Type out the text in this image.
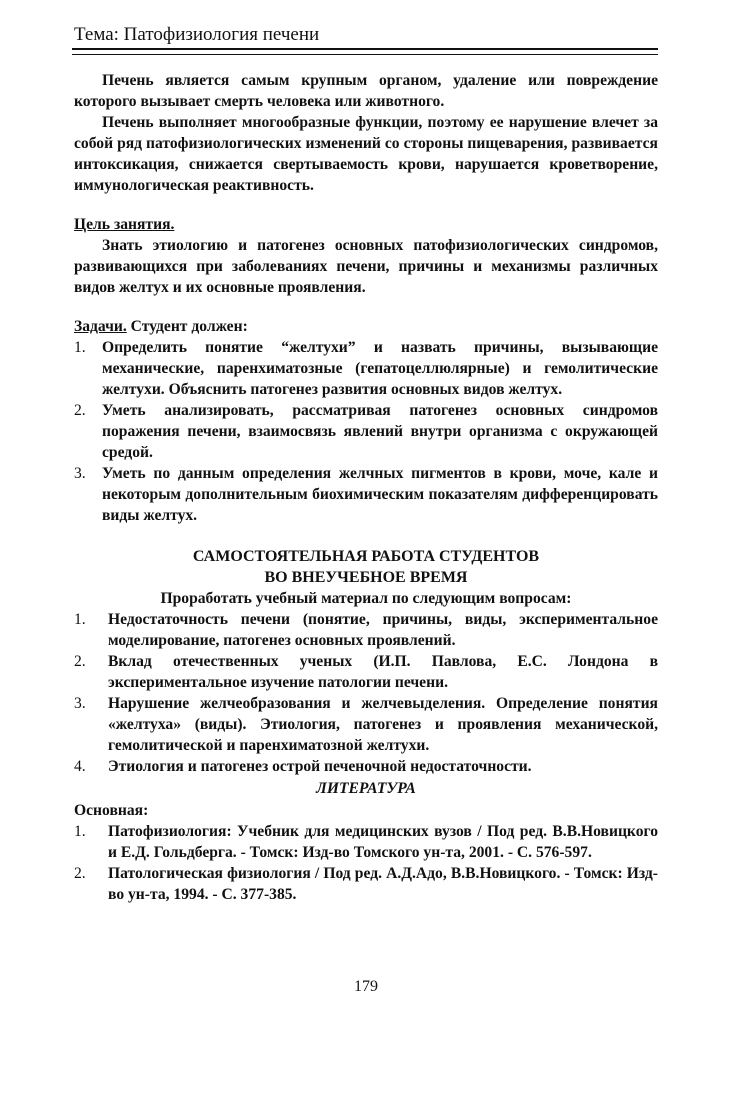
Тема: Патофизиология печени

Печень является самым крупным органом, удаление или повреждение которого вызывает смерть человека или животного.

Печень выполняет многообразные функции, поэтому ее нарушение влечет за собой ряд патофизиологических изменений со стороны пищеварения, развивается интоксикация, снижается свертываемость крови, нарушается кроветворение, иммунологическая реактивность.

Цель занятия.

Знать этиологию и патогенез основных патофизиологических синдромов, развивающихся при заболеваниях печени, причины и механизмы различных видов желтух и их основные проявления.

Задачи. Студент должен:

1. Определить понятие “желтухи” и назвать причины, вызывающие механические, паренхиматозные (гепатоцеллюлярные) и гемолитические желтухи. Объяснить патогенез развития основных видов желтух.
2. Уметь анализировать, рассматривая патогенез основных синдромов поражения печени, взаимосвязь явлений внутри организма с окружающей средой.
3. Уметь по данным определения желчных пигментов в крови, моче, кале и некоторым дополнительным биохимическим показателям дифференцировать виды желтух.

САМОСТОЯТЕЛЬНАЯ РАБОТА СТУДЕНТОВ

ВО ВНЕУЧЕБНОЕ ВРЕМЯ

Проработать учебный материал по следующим вопросам:

1. Недостаточность печени (понятие, причины, виды, экспериментальное моделирование, патогенез основных проявлений.
2. Вклад отечественных ученых (И.П. Павлова, Е.С. Лондона в экспериментальное изучение патологии печени.
3. Нарушение желчеобразования и желчевыделения. Определение понятия «желтуха» (виды). Этиология, патогенез и проявления механической, гемолитической и паренхиматозной желтухи.
4. Этиология и патогенез острой печеночной недостаточности.

ЛИТЕРАТУРА

Основная:

1. Патофизиология: Учебник для медицинских вузов / Под ред. В.В.Новицкого и Е.Д. Гольдберга. - Томск: Изд-во Томского ун-та, 2001. - С. 576-597.
2. Патологическая физиология / Под ред. А.Д.Адо, В.В.Новицкого. - Томск: Изд-во ун-та, 1994. - С. 377-385.
179
